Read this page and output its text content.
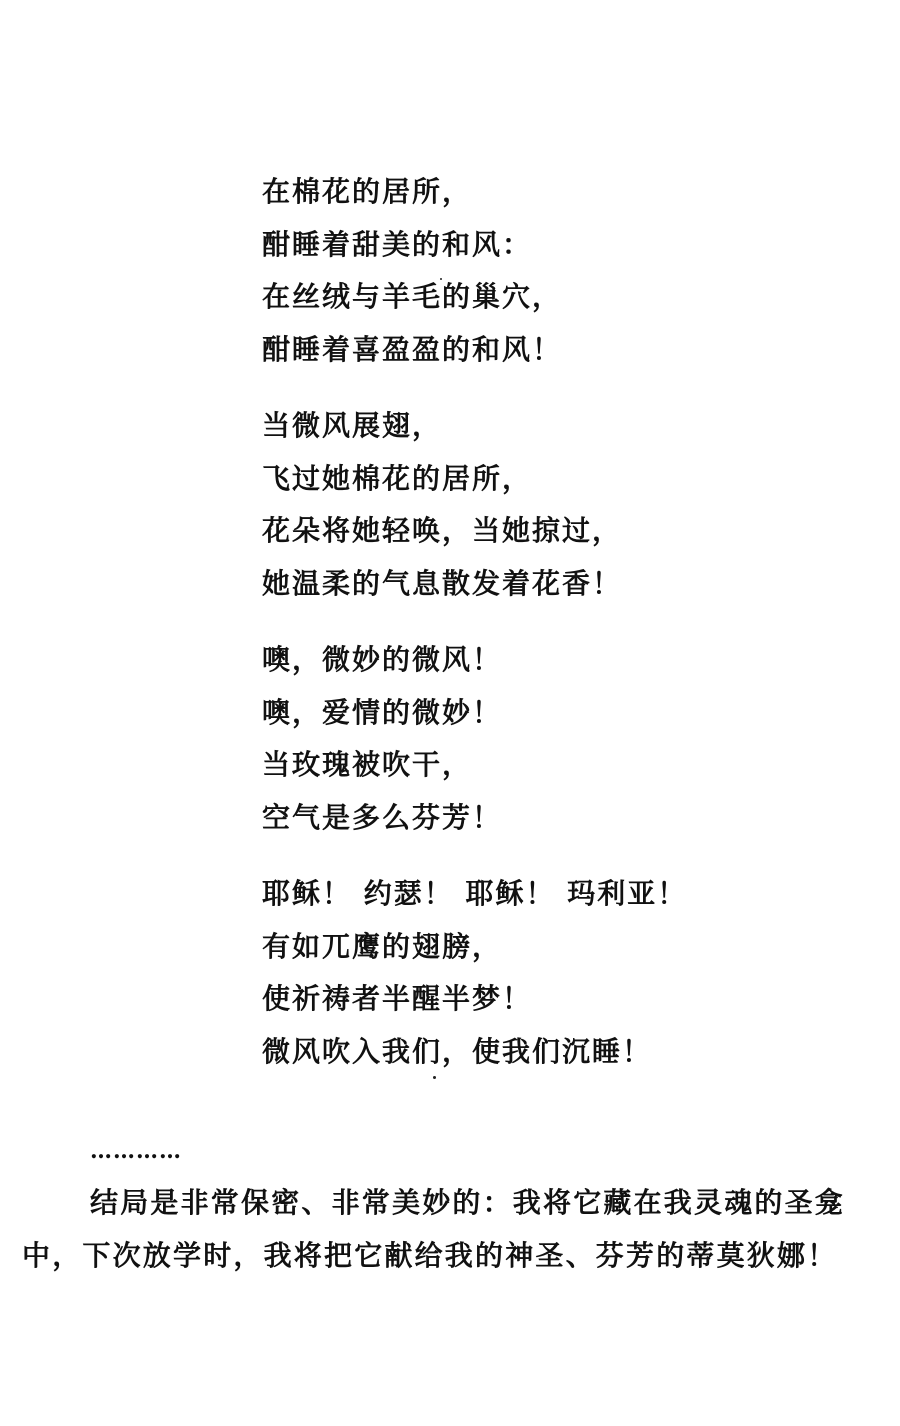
在棉花的居所，
酣睡着甜美的和风：
在丝绒与羊毛的巢穴，
酣睡着喜盈盈的和风！
当微风展翅，
飞过她棉花的居所，
花朵将她轻唤，当她掠过，
她温柔的气息散发着花香！
噢，微妙的微风！
噢，爱情的微妙！
当玫瑰被吹干，
空气是多么芬芳！
耶稣！ 约瑟！ 耶稣！ 玛利亚！
有如兀鹰的翅膀，
使祈祷者半醒半梦！
微风吹入我们，使我们沉睡！
…………
结局是非常保密、非常美妙的：我将它藏在我灵魂的圣龛中，下次放学时，我将把它献给我的神圣、芬芳的蒂莫狄娜！
